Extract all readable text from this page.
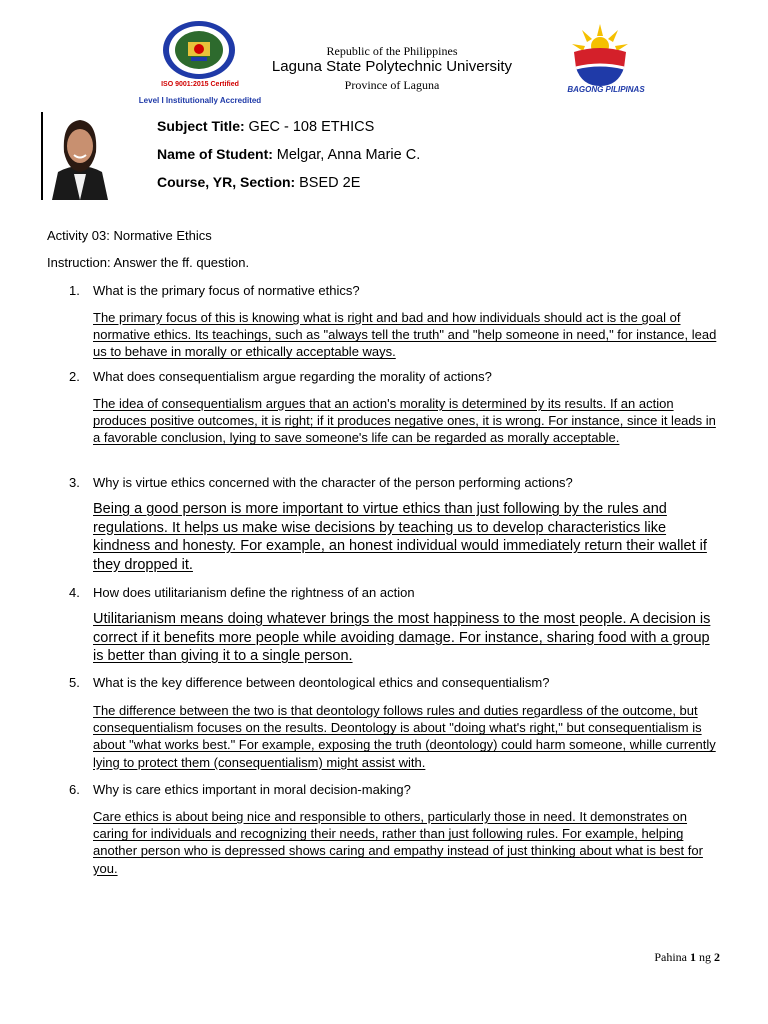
ISO 9001:2015 Certified
Level I Institutionally Accredited
Republic of the Philippines
Laguna State Polytechnic University
Province of Laguna	BAGONG PILIPINAS
Subject Title: GEC - 108 ETHICS
Name of Student: Melgar, Anna Marie C.
Course, YR, Section: BSED 2E
Activity 03: Normative Ethics
Instruction: Answer the ff. question.
1. What is the primary focus of normative ethics?
The primary focus of this is knowing what is right and bad and how individuals should act is the goal of normative ethics. Its teachings, such as "always tell the truth" and "help someone in need," for instance, lead us to behave in morally or ethically acceptable ways.
2. What does consequentialism argue regarding the morality of actions?
The idea of consequentialism argues that an action's morality is determined by its results. If an action produces positive outcomes, it is right; if it produces negative ones, it is wrong. For instance, since it leads in a favorable conclusion, lying to save someone's life can be regarded as morally acceptable.
3. Why is virtue ethics concerned with the character of the person performing actions?
Being a good person is more important to virtue ethics than just following by the rules and regulations. It helps us make wise decisions by teaching us to develop characteristics like kindness and honesty. For example, an honest individual would immediately return their wallet if they dropped it.
4. How does utilitarianism define the rightness of an action
Utilitarianism means doing whatever brings the most happiness to the most people. A decision is correct if it benefits more people while avoiding damage. For instance, sharing food with a group is better than giving it to a single person.
5. What is the key difference between deontological ethics and consequentialism?
The difference between the two is that deontology follows rules and duties regardless of the outcome, but consequentialism focuses on the results. Deontology is about "doing what's right," but consequentialism is about "what works best." For example, exposing the truth (deontology) could harm someone, whille currently lying to protect them (consequentialism) might assist with.
6. Why is care ethics important in moral decision-making?
Care ethics is about being nice and responsible to others, particularly those in need. It demonstrates on caring for individuals and recognizing their needs, rather than just following rules. For example, helping another person who is depressed shows caring and empathy instead of just thinking about what is best for you.
Pahina 1 ng 2
